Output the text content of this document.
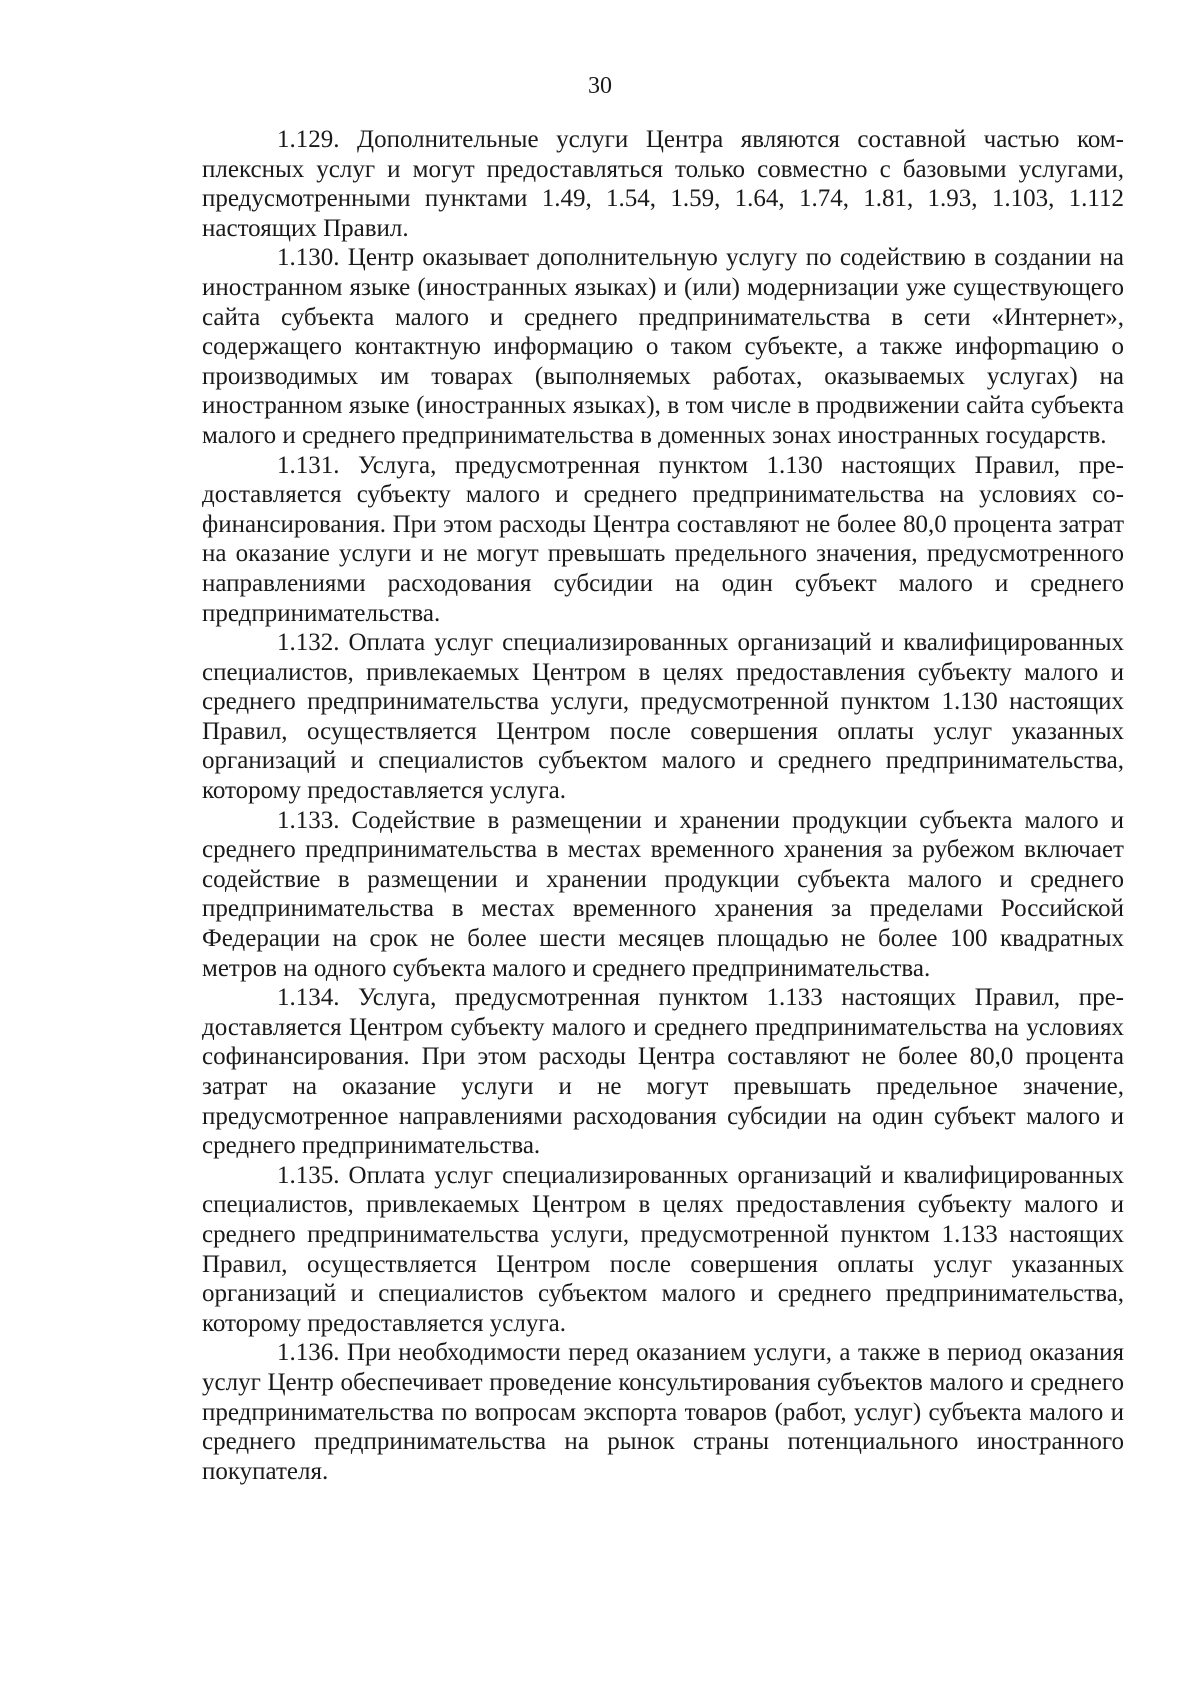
30

1.129. Дополнительные услуги Центра являются составной частью комплексных услуг и могут предоставляться только совместно с базовыми услугами, предусмотренными пунктами 1.49, 1.54, 1.59, 1.64, 1.74, 1.81, 1.93, 1.103, 1.112 настоящих Правил.

1.130. Центр оказывает дополнительную услугу по содействию в создании на иностранном языке (иностранных языках) и (или) модернизации уже существующего сайта субъекта малого и среднего предпринимательства в сети «Интернет», содержащего контактную информацию о таком субъекте, а также инфорmацию о производимых им товарах (выполняемых работах, оказываемых услугах) на иностранном языке (иностранных языках), в том числе в продвижении сайта субъекта малого и среднего предпринимательства в доменных зонах иностранных государств.

1.131. Услуга, предусмотренная пунктом 1.130 настоящих Правил, предоставляется субъекту малого и среднего предпринимательства на условиях софинансирования. При этом расходы Центра составляют не более 80,0 процента затрат на оказание услуги и не могут превышать предельного значения, предусмотренного направлениями расходования субсидии на один субъект малого и среднего предпринимательства.

1.132. Оплата услуг специализированных организаций и квалифицированных специалистов, привлекаемых Центром в целях предоставления субъекту малого и среднего предпринимательства услуги, предусмотренной пунктом 1.130 настоящих Правил, осуществляется Центром после совершения оплаты услуг указанных организаций и специалистов субъектом малого и среднего предпринимательства, которому предоставляется услуга.

1.133. Содействие в размещении и хранении продукции субъекта малого и среднего предпринимательства в местах временного хранения за рубежом включает содействие в размещении и хранении продукции субъекта малого и среднего предпринимательства в местах временного хранения за пределами Российской Федерации на срок не более шести месяцев площадью не более 100 квадратных метров на одного субъекта малого и среднего предпринимательства.

1.134. Услуга, предусмотренная пунктом 1.133 настоящих Правил, предоставляется Центром субъекту малого и среднего предпринимательства на условиях софинансирования. При этом расходы Центра составляют не более 80,0 процента затрат на оказание услуги и не могут превышать предельное значение, предусмотренное направлениями расходования субсидии на один субъект малого и среднего предпринимательства.

1.135. Оплата услуг специализированных организаций и квалифицированных специалистов, привлекаемых Центром в целях предоставления субъекту малого и среднего предпринимательства услуги, предусмотренной пунктом 1.133 настоящих Правил, осуществляется Центром после совершения оплаты услуг указанных организаций и специалистов субъектом малого и среднего предпринимательства, которому предоставляется услуга.

1.136. При необходимости перед оказанием услуги, а также в период оказания услуг Центр обеспечивает проведение консультирования субъектов малого и среднего предпринимательства по вопросам экспорта товаров (работ, услуг) субъекта малого и среднего предпринимательства на рынок страны потенциального иностранного покупателя.
